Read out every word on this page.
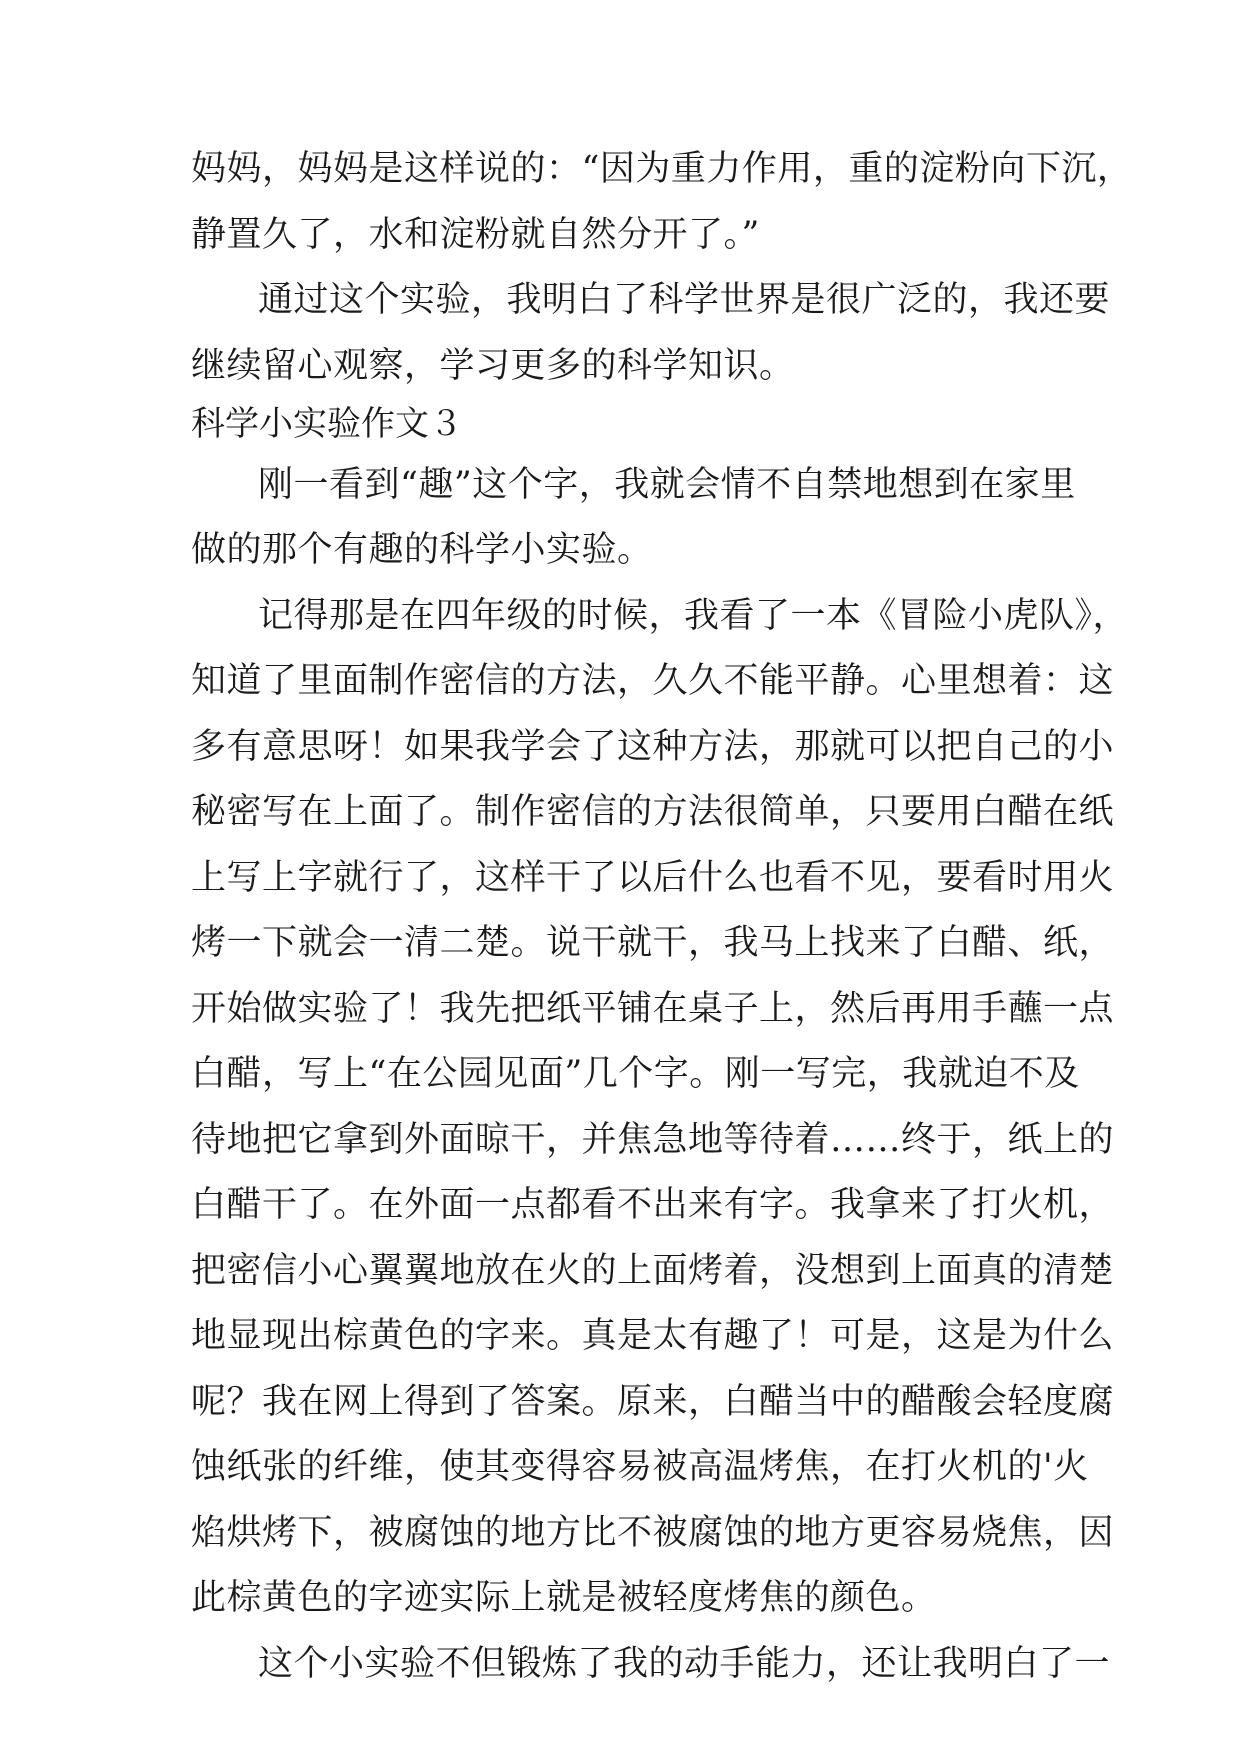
妈妈，妈妈是这样说的：“因为重力作用，重的淀粉向下沉，
静置久了，水和淀粉就自然分开了。”
通过这个实验，我明白了科学世界是很广泛的，我还要
继续留心观察，学习更多的科学知识。
科学小实验作文３
刚一看到“趣”这个字，我就会情不自禁地想到在家里
做的那个有趣的科学小实验。
记得那是在四年级的时候，我看了一本《冒险小虎队》，
知道了里面制作密信的方法，久久不能平静。心里想着：这
多有意思呀！如果我学会了这种方法，那就可以把自己的小
秘密写在上面了。制作密信的方法很简单，只要用白醋在纸
上写上字就行了，这样干了以后什么也看不见，要看时用火
烤一下就会一清二楚。说干就干，我马上找来了白醋、纸，
开始做实验了！我先把纸平铺在桌子上，然后再用手蘸一点
白醋，写上“在公园见面”几个字。刚一写完，我就迫不及
待地把它拿到外面晾干，并焦急地等待着……终于，纸上的
白醋干了。在外面一点都看不出来有字。我拿来了打火机，
把密信小心翼翼地放在火的上面烤着，没想到上面真的清楚
地显现出棕黄色的字来。真是太有趣了！可是，这是为什么
呢？我在网上得到了答案。原来，白醋当中的醋酸会轻度腐
蚀纸张的纤维，使其变得容易被高温烤焦，在打火机的'火
焰烘烤下，被腐蚀的地方比不被腐蚀的地方更容易烧焦，因
此棕黄色的字迹实际上就是被轻度烤焦的颜色。
这个小实验不但锻炼了我的动手能力，还让我明白了一
